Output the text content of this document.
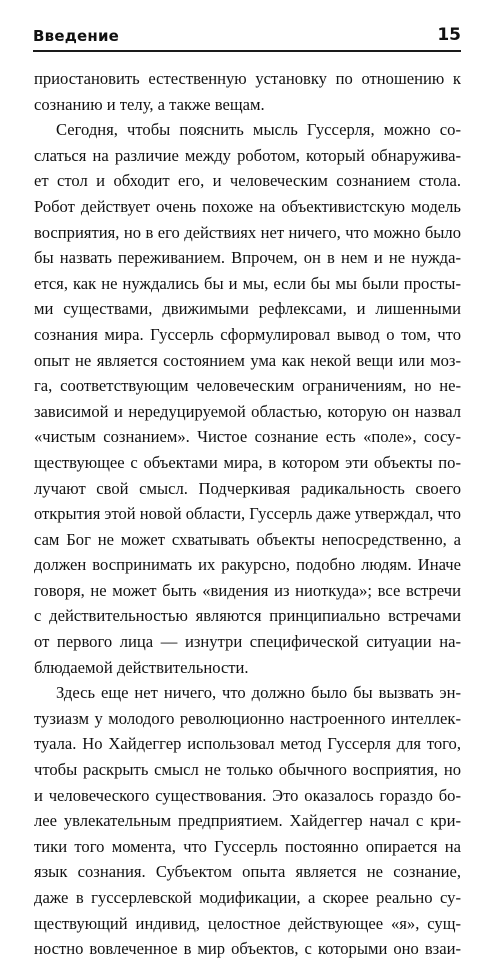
Введение	15
приостановить естественную установку по отношению к
сознанию и телу, а также вещам.
Сегодня, чтобы пояснить мысль Гуссерля, можно со-
слаться на различие между роботом, который обнаружива-
ет стол и обходит его, и человеческим сознанием стола.
Робот действует очень похоже на объективистскую модель
восприятия, но в его действиях нет ничего, что можно было
бы назвать переживанием. Впрочем, он в нем и не нужда-
ется, как не нуждались бы и мы, если бы мы были просты-
ми существами, движимыми рефлексами, и лишенными
сознания мира. Гуссерль сформулировал вывод о том, что
опыт не является состоянием ума как некой вещи или моз-
га, соответствующим человеческим ограничениям, но не-
зависимой и нередуцируемой областью, которую он назвал
«чистым сознанием». Чистое сознание есть «поле», сосу-
ществующее с объектами мира, в котором эти объекты по-
лучают свой смысл. Подчеркивая радикальность своего
открытия этой новой области, Гуссерль даже утверждал, что
сам Бог не может схватывать объекты непосредственно, а
должен воспринимать их ракурсно, подобно людям. Иначе
говоря, не может быть «видения из ниоткуда»; все встречи
с действительностью являются принципиально встречами
от первого лица — изнутри специфической ситуации на-
блюдаемой действительности.
Здесь еще нет ничего, что должно было бы вызвать эн-
тузиазм у молодого революционно настроенного интеллек-
туала. Но Хайдеггер использовал метод Гуссерля для того,
чтобы раскрыть смысл не только обычного восприятия, но
и человеческого существования. Это оказалось гораздо бо-
лее увлекательным предприятием. Хайдеггер начал с кри-
тики того момента, что Гуссерль постоянно опирается на
язык сознания. Субъектом опыта является не сознание,
даже в гуссерлевской модификации, а скорее реально су-
ществующий индивид, целостное действующее «я», сущ-
ностно вовлеченное в мир объектов, с которыми оно взаи-
